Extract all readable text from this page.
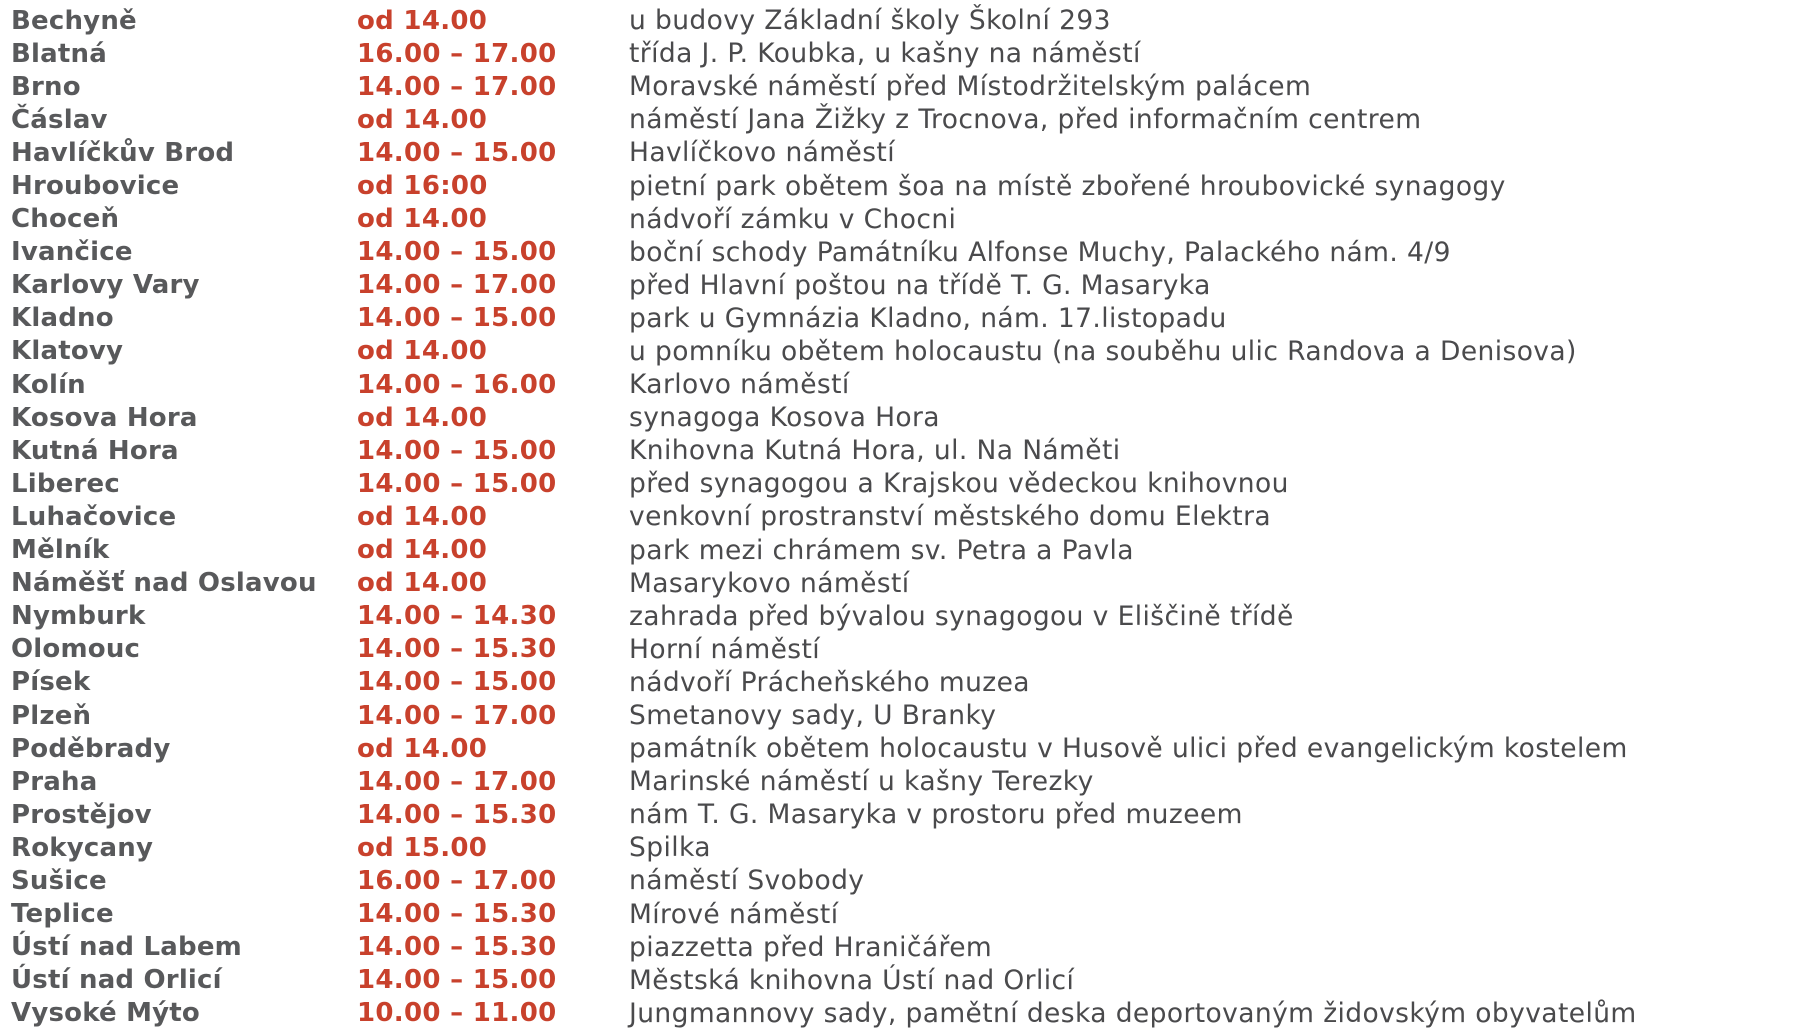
Bechyně	od 14.00	u budovy Základní školy Školní 293
Blatná	16.00 – 17.00	třída J. P. Koubka, u kašny na náměstí
Brno	14.00 – 17.00	Moravské náměstí před Místodržitelským palácem
Čáslav	od 14.00	náměstí Jana Žižky z Trocnova, před informačním centrem
Havlíčkův Brod	14.00 – 15.00	Havlíčkovo náměstí
Hroubovice	od 16:00	pietní park obětem šoa na místě zbořené hroubovické synagogy
Choceň	od 14.00	nádvoří zámku v Chocni
Ivančice	14.00 – 15.00	boční schody Památníku Alfonse Muchy, Palackého nám. 4/9
Karlovy Vary	14.00 – 17.00	před Hlavní poštou na třídě T. G. Masaryka
Kladno	14.00 – 15.00	park u Gymnázia Kladno, nám. 17.listopadu
Klatovy	od 14.00	u pomníku obětem holocaustu (na souběhu ulic Randova a Denisova)
Kolín	14.00 – 16.00	Karlovo náměstí
Kosova Hora	od 14.00	synagoga Kosova Hora
Kutná Hora	14.00 – 15.00	Knihovna Kutná Hora, ul. Na Náměti
Liberec	14.00 – 15.00	před synagogou a Krajskou vědeckou knihovnou
Luhačovice	od 14.00	venkovní prostranství městského domu Elektra
Mělník	od 14.00	park mezi chrámem sv. Petra a Pavla
Náměšť nad Oslavou	od 14.00	Masarykovo náměstí
Nymburk	14.00 – 14.30	zahrada před bývalou synagogou v Eliščině třídě
Olomouc	14.00 – 15.30	Horní náměstí
Písek	14.00 – 15.00	nádvoří Prácheňského muzea
Plzeň	14.00 – 17.00	Smetanovy sady, U Branky
Poděbrady	od 14.00	památník obětem holocaustu v Husově ulici před evangelickým kostelem
Praha	14.00 – 17.00	Marinské náměstí u kašny Terezky
Prostějov	14.00 – 15.30	nám T. G. Masaryka v prostoru před muzeem
Rokycany	od 15.00	Spilka
Sušice	16.00 – 17.00	náměstí Svobody
Teplice	14.00 – 15.30	Mírové náměstí
Ústí nad Labem	14.00 – 15.30	piazzetta před Hraničářem
Ústí nad Orlicí	14.00 – 15.00	Městská knihovna Ústí nad Orlicí
Vysoké Mýto	10.00 – 11.00	Jungmannovy sady, pamětní deska deportovaným židovským obyvatelům
